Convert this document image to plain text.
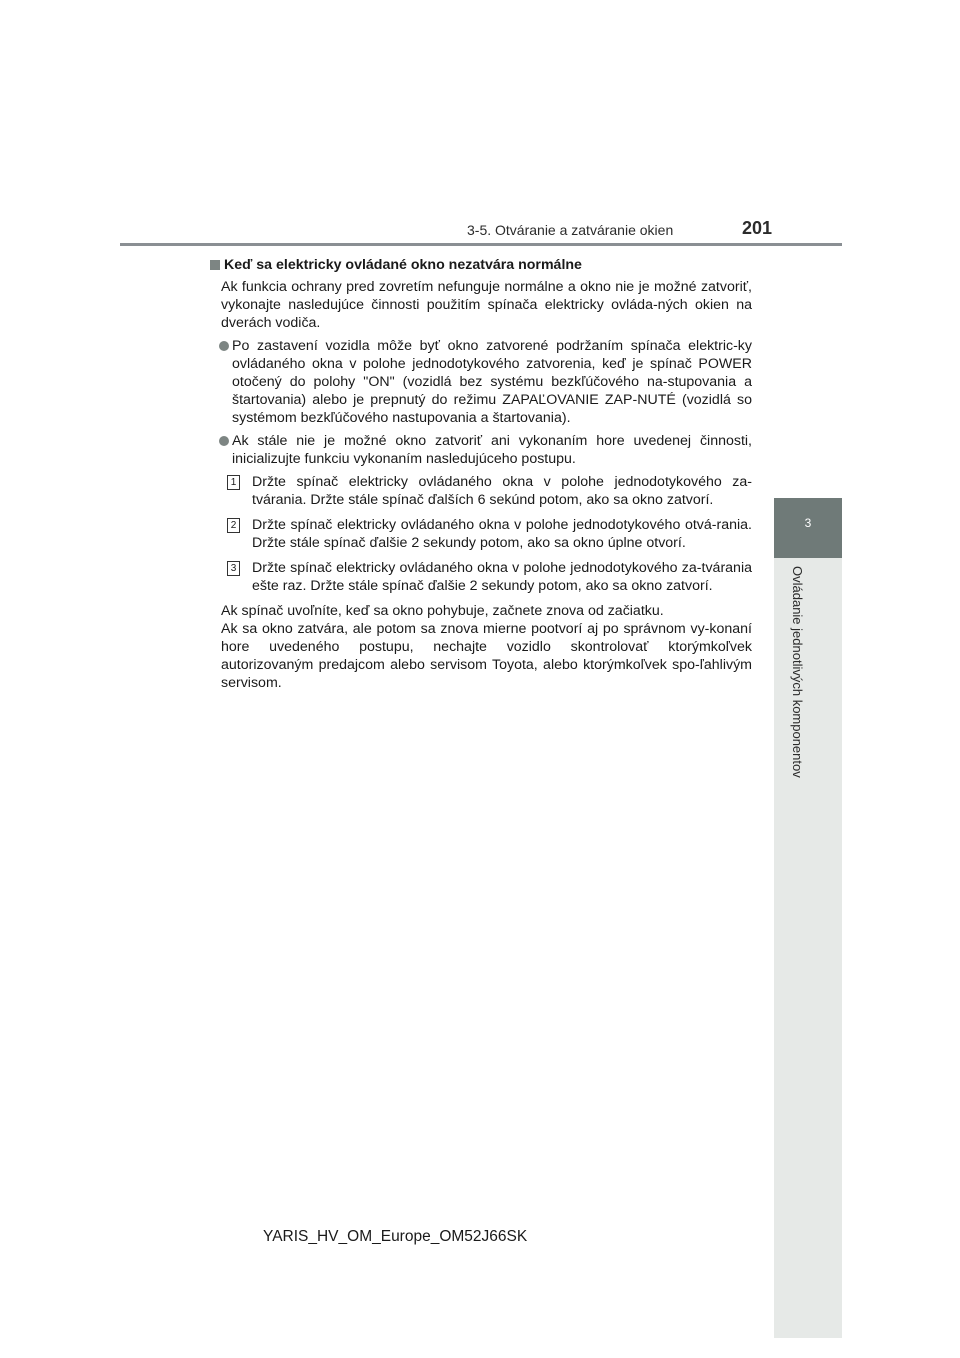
3-5. Otváranie a zatváranie okien	201
3
Ovládanie jednotlivých komponentov
Keď sa elektricky ovládané okno nezatvára normálne

Ak funkcia ochrany pred zovretím nefunguje normálne a okno nie je možné zatvoriť, vykonajte nasledujúce činnosti použitím spínača elektricky ovláda-ných okien na dverách vodiča.

Po zastavení vozidla môže byť okno zatvorené podržaním spínača elektric-ky ovládaného okna v polohe jednodotykového zatvorenia, keď je spínač POWER otočený do polohy "ON" (vozidlá bez systému bezkľúčového na-stupovania a štartovania) alebo je prepnutý do režimu ZAPAĽOVANIE ZAP-NUTÉ (vozidlá so systémom bezkľúčového nastupovania a štartovania).

Ak stále nie je možné okno zatvoriť ani vykonaním hore uvedenej činnosti, inicializujte funkciu vykonaním nasledujúceho postupu.

1 Držte spínač elektricky ovládaného okna v polohe jednodotykového za-tvárania. Držte stále spínač ďalších 6 sekúnd potom, ako sa okno zatvorí.

2 Držte spínač elektricky ovládaného okna v polohe jednodotykového otvá-rania. Držte stále spínač ďalšie 2 sekundy potom, ako sa okno úplne otvorí.

3 Držte spínač elektricky ovládaného okna v polohe jednodotykového za-tvárania ešte raz. Držte stále spínač ďalšie 2 sekundy potom, ako sa okno zatvorí.

Ak spínač uvoľníte, keď sa okno pohybuje, začnete znova od začiatku.

Ak sa okno zatvára, ale potom sa znova mierne pootvorí aj po správnom vy-konaní hore uvedeného postupu, nechajte vozidlo skontrolovať ktorýmkoľvek autorizovaným predajcom alebo servisom Toyota, alebo ktorýmkoľvek spo-ľahlivým servisom.

YARIS_HV_OM_Europe_OM52J66SK
